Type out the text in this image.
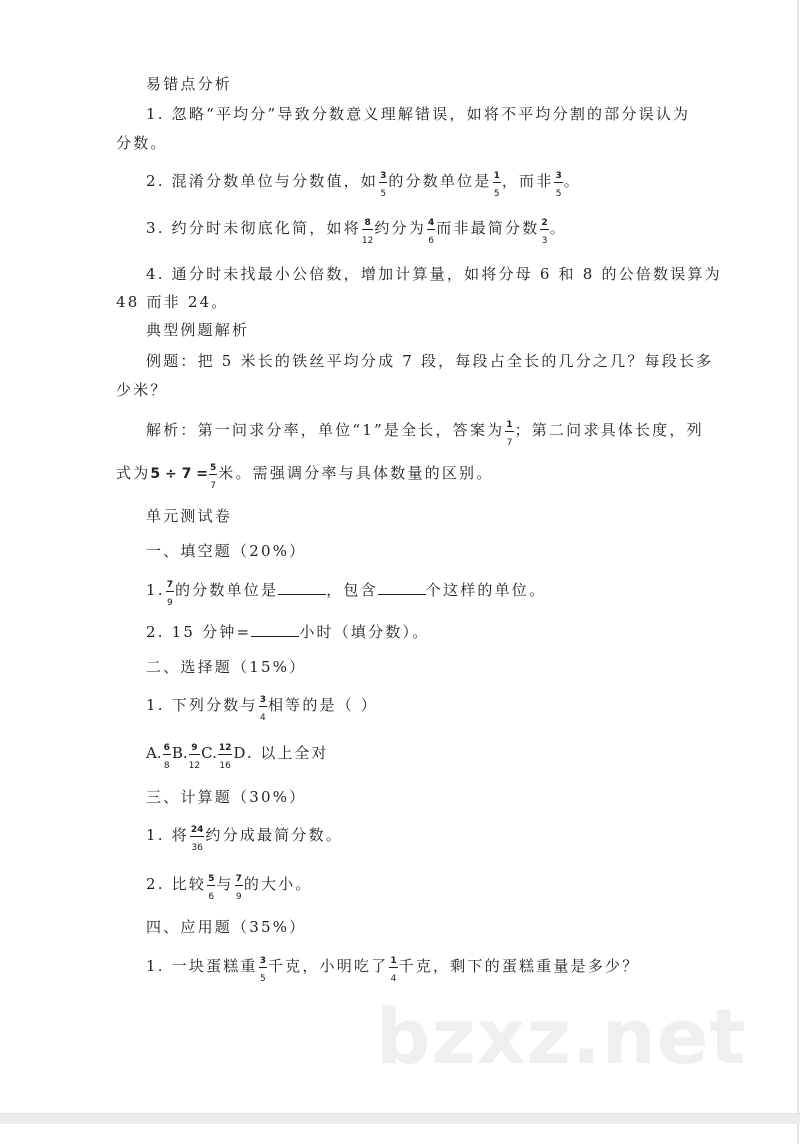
易错点分析
1. 忽略“平均分”导致分数意义理解错误，如将不平均分割的部分误认为
分数。
2. 混淆分数单位与分数值，如 $\frac{3}{5}$ 的分数单位是 $\frac{1}{5}$ ，而非 $\frac{3}{5}$ 。
3. 约分时未彻底化简，如将 $\frac{8}{12}$ 约分为 $\frac{4}{6}$ 而非最简分数 $\frac{2}{3}$ 。
4. 通分时未找最小公倍数，增加计算量，如将分母 6 和 8 的公倍数误算为
48 而非 24。
典型例题解析
例题：把 5 米长的铁丝平均分成 7 段，每段占全长的几分之几？每段长多
少米？
解析：第一问求分率，单位“1”是全长，答案为 $\frac{1}{7}$ ；第二问求具体长度，列
式为$5 \div 7 = \frac{5}{7}$ 米。需强调分率与具体数量的区别。
单元测试卷
一、填空题（20%）
1. $\frac{7}{9}$ 的分数单位是	，包含	个这样的单位。
2. 15 分钟=	小时（填分数）。
二、选择题（15%）
1. 下列分数与 $\frac{3}{4}$ 相等的是（ ）
A. $\frac{6}{8} B$. $\frac{9}{12} C$. $\frac{12}{16} D$. 以上全对
三、计算题（30%）
1. 将 $\frac{24}{36}$ 约分成最简分数。
2. 比较 $\frac{5}{6}$ 与 $\frac{7}{9}$ 的大小。
四、应用题（35%）
1. 一块蛋糕重 $\frac{3}{5}$ 千克，小明吃了 $\frac{1}{4}$ 千克，剩下的蛋糕重量是多少？
bzxz.net
